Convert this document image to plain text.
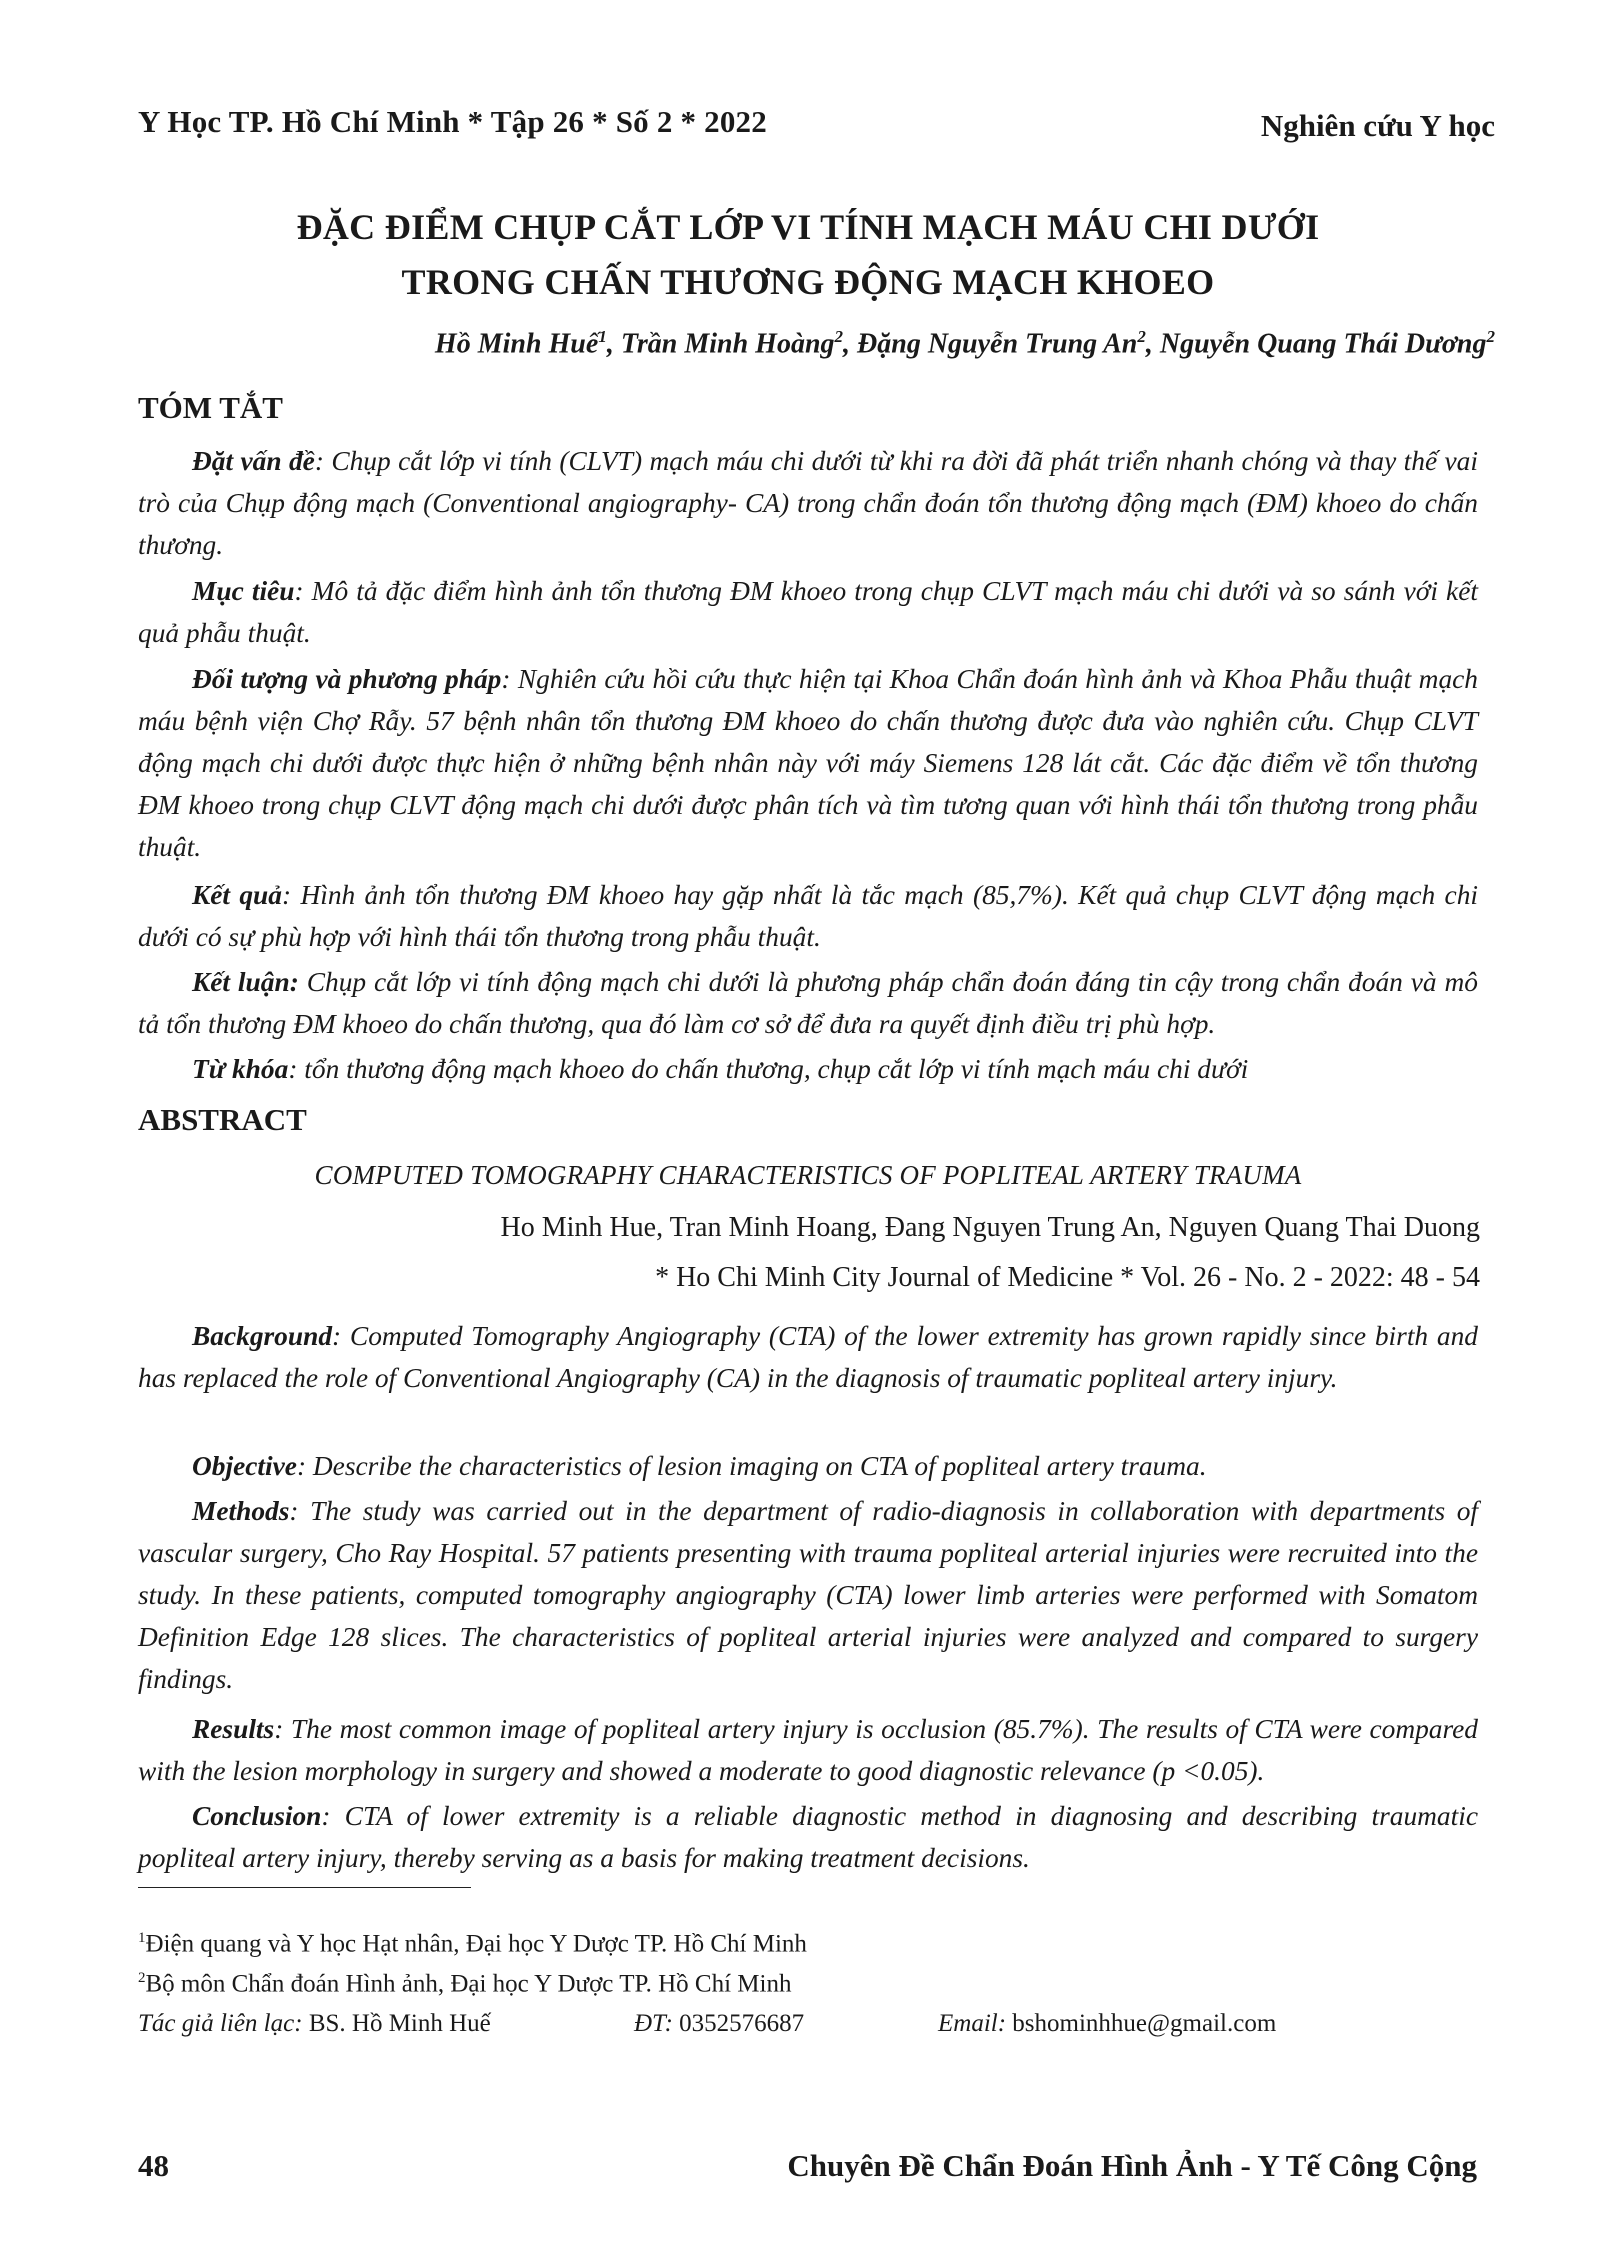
Y Học TP. Hồ Chí Minh * Tập 26 * Số 2 * 2022	Nghiên cứu Y học
ĐẶC ĐIỂM CHỤP CẮT LỚP VI TÍNH MẠCH MÁU CHI DƯỚI
TRONG CHẤN THƯƠNG ĐỘNG MẠCH KHOEO
Hồ Minh Huế$^1$, Trần Minh Hoàng$^2$, Đặng Nguyễn Trung An$^2$, Nguyễn Quang Thái Dương$^2$
TÓM TẮT

Đặt vấn đề: Chụp cắt lớp vi tính (CLVT) mạch máu chi dưới từ khi ra đời đã phát triển nhanh chóng và thay thế vai trò của Chụp động mạch (Conventional angiography- CA) trong chẩn đoán tổn thương động mạch (ĐM) khoeo do chấn thương.

Mục tiêu: Mô tả đặc điểm hình ảnh tổn thương ĐM khoeo trong chụp CLVT mạch máu chi dưới và so sánh với kết quả phẫu thuật.

Đối tượng và phương pháp: Nghiên cứu hồi cứu thực hiện tại Khoa Chẩn đoán hình ảnh và Khoa Phẫu thuật mạch máu bệnh viện Chợ Rẫy. 57 bệnh nhân tổn thương ĐM khoeo do chấn thương được đưa vào nghiên cứu. Chụp CLVT động mạch chi dưới được thực hiện ở những bệnh nhân này với máy Siemens 128 lát cắt. Các đặc điểm về tổn thương ĐM khoeo trong chụp CLVT động mạch chi dưới được phân tích và tìm tương quan với hình thái tổn thương trong phẫu thuật.

Kết quả: Hình ảnh tổn thương ĐM khoeo hay gặp nhất là tắc mạch (85,7%). Kết quả chụp CLVT động mạch chi dưới có sự phù hợp với hình thái tổn thương trong phẫu thuật.

Kết luận: Chụp cắt lớp vi tính động mạch chi dưới là phương pháp chẩn đoán đáng tin cậy trong chẩn đoán và mô tả tổn thương ĐM khoeo do chấn thương, qua đó làm cơ sở để đưa ra quyết định điều trị phù hợp.

Từ khóa: tổn thương động mạch khoeo do chấn thương, chụp cắt lớp vi tính mạch máu chi dưới

ABSTRACT
COMPUTED TOMOGRAPHY CHARACTERISTICS OF POPLITEAL ARTERY TRAUMA
Ho Minh Hue, Tran Minh Hoang, Đang Nguyen Trung An, Nguyen Quang Thai Duong
* Ho Chi Minh City Journal of Medicine * Vol. 26 - No. 2 - 2022: 48 - 54

Background: Computed Tomography Angiography (CTA) of the lower extremity has grown rapidly since birth and has replaced the role of Conventional Angiography (CA) in the diagnosis of traumatic popliteal artery injury.

Objective: Describe the characteristics of lesion imaging on CTA of popliteal artery trauma.

Methods: The study was carried out in the department of radio-diagnosis in collaboration with departments of vascular surgery, Cho Ray Hospital. 57 patients presenting with trauma popliteal arterial injuries were recruited into the study. In these patients, computed tomography angiography (CTA) lower limb arteries were performed with Somatom Definition Edge 128 slices. The characteristics of popliteal arterial injuries were analyzed and compared to surgery findings.

Results: The most common image of popliteal artery injury is occlusion (85.7%). The results of CTA were compared with the lesion morphology in surgery and showed a moderate to good diagnostic relevance (p <0.05).

Conclusion: CTA of lower extremity is a reliable diagnostic method in diagnosing and describing traumatic popliteal artery injury, thereby serving as a basis for making treatment decisions.

$^1$Điện quang và Y học Hạt nhân, Đại học Y Dược TP. Hồ Chí Minh
$^2$Bộ môn Chẩn đoán Hình ảnh, Đại học Y Dược TP. Hồ Chí Minh
Tác giả liên lạc: BS. Hồ Minh Huế	ĐT: 0352576687	Email: bshominhhue@gmail.com
48	Chuyên Đề Chẩn Đoán Hình Ảnh - Y Tế Công Cộng
